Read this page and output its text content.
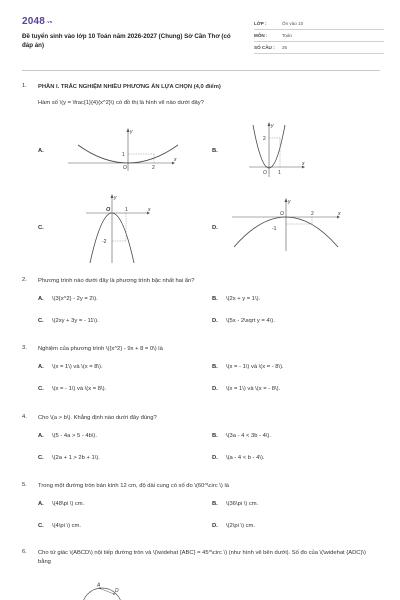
$2048_{.vn}$
Đề tuyển sinh vào lớp 10 Toán năm 2026-2027 (Chung) Sở Cần Thơ (có đáp án)
LỚP :	Ôn vào 10
MÔN :	Toán
SỐ CÂU :	26
1. PHẦN I. TRẮC NGHIỆM NHIỀU PHƯƠNG ÁN LỰA CHỌN (4,0 điểm)
Hàm số \(y = \frac{1}{4}{x^2}\) có đồ thị là hình vẽ nào dưới đây?
A.
y
1
O	2
x
B.
y
2
O 1
x
C.
y
O	1	x
-2
D.
y
O	2	x
-1
2. Phương trình nào dưới đây là phương trình bậc nhất hai ẩn?
A. \(3{x^2} - 2y = 2\).	B. \(2x + y = 1\).
C. \(2xy + 3y = - 11\).	D. \(5x - 2\sqrt y = 4\).
3. Nghiệm của phương trình \({x^2} - 9x + 8 = 0\) là
A. \(x = 1\) và \(x = 8\).	B. \(x = - 1\) và \(x = - 8\).
C. \(x = - 1\) và \(x = 8\).	D. \(x = 1\) và \(x = - 8\).
4. Cho \(a > b\). Khẳng định nào dưới đây đúng?
A. \(5 - 4a > 5 - 4b\).	B. \(3a - 4 < 3b - 4\).
C. \(2a + 1 > 2b + 1\).	D. \(a - 4 < b - 4\).
5. Trong một đường tròn bán kính 12 cm, độ dài cung có số đo \(60^\circ \) là
A. \(48\pi \) cm.	B. \(36\pi \) cm.
C. \(4\pi \) cm.	D. \(2\pi \) cm.
6. Cho tứ giác \(ABCD\) nội tiếp đường tròn và \(\widehat {ABC} = 45^\circ \) (như hình vẽ bên dưới). Số đo của \(\widehat {ADC}\) bằng
A
D
